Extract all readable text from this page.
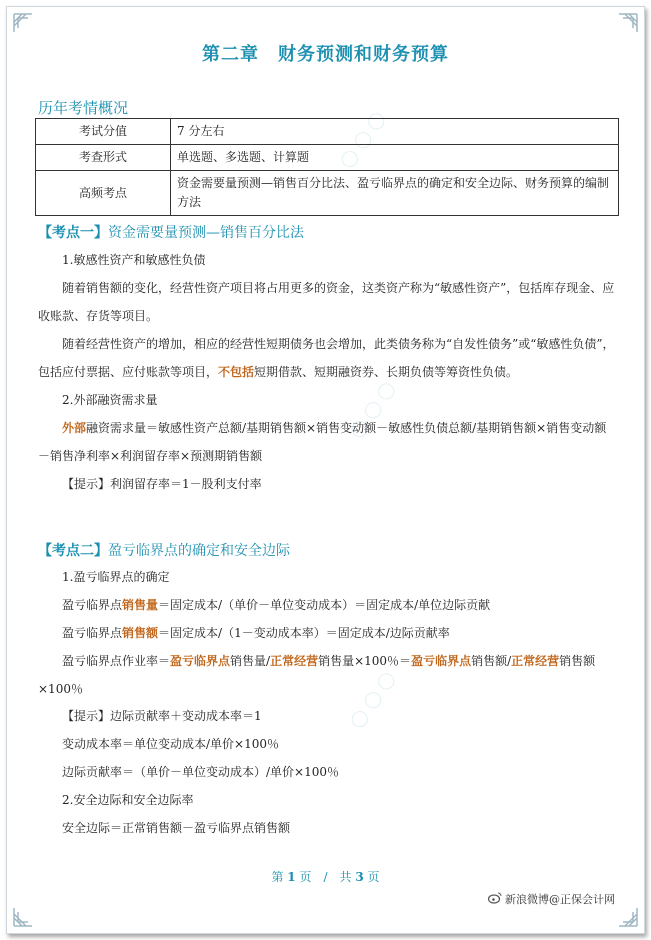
◯ ◯ ◯
◯ ◯ ◯
◯ ◯ ◯
第二章　财务预测和财务预算
历年考情概况
考试分值	7 分左右
考查形式	单选题、多选题、计算题
高频考点	资金需要量预测—销售百分比法、盈亏临界点的确定和安全边际、财务预算的编制方法
【考点一】资金需要量预测—销售百分比法
1.敏感性资产和敏感性负债
随着销售额的变化，经营性资产项目将占用更多的资金，这类资产称为“敏感性资产”，包括库存现金、应收账款、存货等项目。
随着经营性资产的增加，相应的经营性短期债务也会增加，此类债务称为“自发性债务”或“敏感性负债”，包括应付票据、应付账款等项目，不包括短期借款、短期融资券、长期负债等筹资性负债。
2.外部融资需求量
外部融资需求量＝敏感性资产总额/基期销售额×销售变动额－敏感性负债总额/基期销售额×销售变动额－销售净利率×利润留存率×预测期销售额
【提示】利润留存率＝1－股利支付率
【考点二】盈亏临界点的确定和安全边际
1.盈亏临界点的确定
盈亏临界点销售量＝固定成本/（单价－单位变动成本）＝固定成本/单位边际贡献
盈亏临界点销售额＝固定成本/（1－变动成本率）＝固定成本/边际贡献率
盈亏临界点作业率＝盈亏临界点销售量/正常经营销售量×100％＝盈亏临界点销售额/正常经营销售额×100％
【提示】边际贡献率＋变动成本率＝1
变动成本率＝单位变动成本/单价×100％
边际贡献率＝（单价－单位变动成本）/单价×100％
2.安全边际和安全边际率
安全边际＝正常销售额－盈亏临界点销售额
第 1 页　/　共 3 页
新浪微博@正保会计网
